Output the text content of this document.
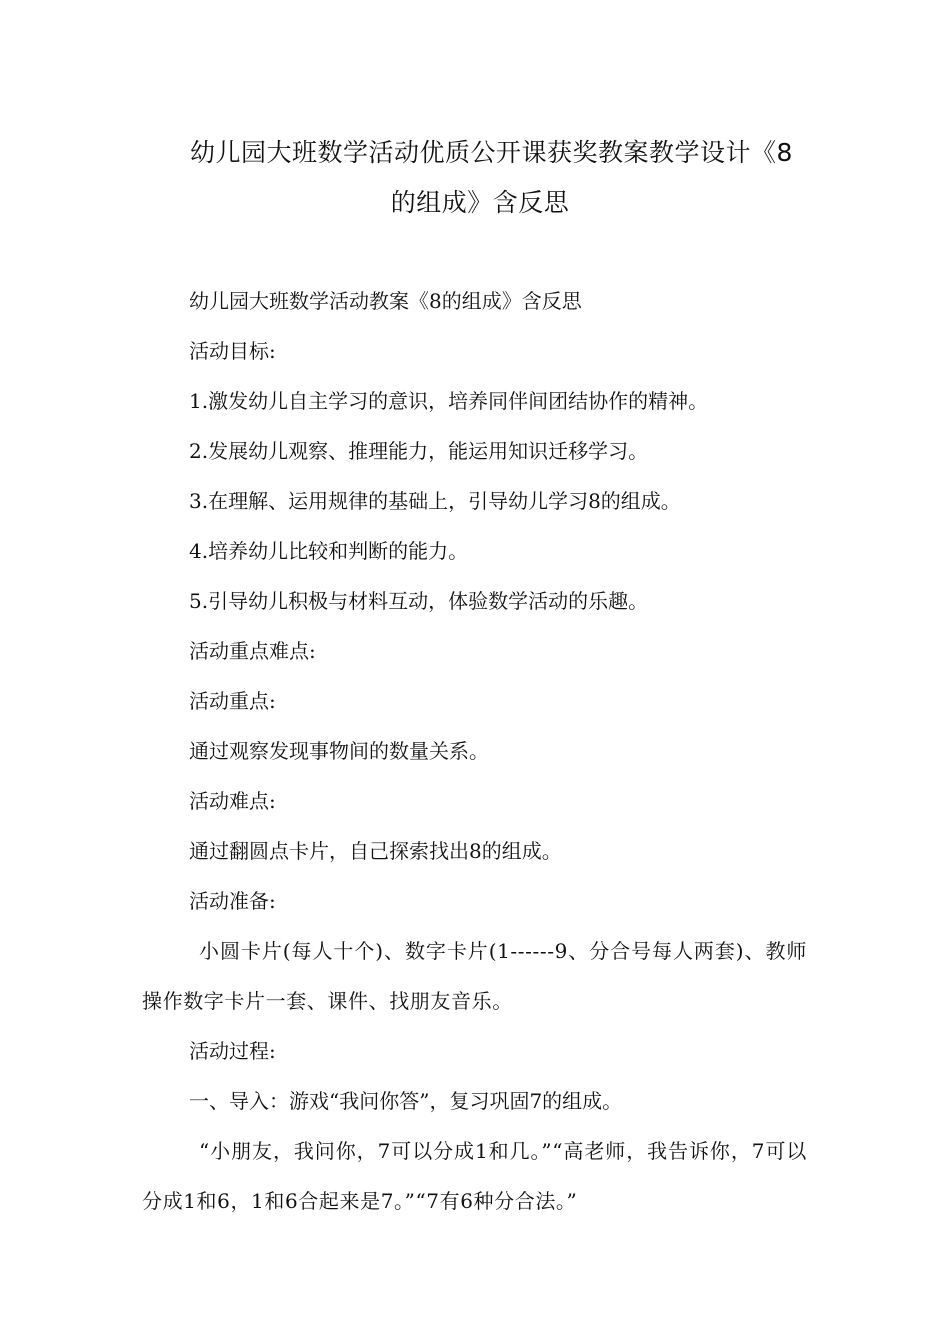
幼儿园大班数学活动优质公开课获奖教案教学设计《8
的组成》含反思
幼儿园大班数学活动教案《8的组成》含反思
活动目标:
1.激发幼儿自主学习的意识，培养同伴间团结协作的精神。
2.发展幼儿观察、推理能力，能运用知识迁移学习。
3.在理解、运用规律的基础上，引导幼儿学习8的组成。
4.培养幼儿比较和判断的能力。
5.引导幼儿积极与材料互动，体验数学活动的乐趣。
活动重点难点:
活动重点:
通过观察发现事物间的数量关系。
活动难点:
通过翻圆点卡片，自己探索找出8的组成。
活动准备:
小圆卡片(每人十个)、数字卡片(1------9、分合号每人两套)、教师操作数字卡片一套、课件、找朋友音乐。
活动过程:
一、导入：游戏“我问你答”，复习巩固7的组成。
“小朋友，我问你，7可以分成1和几。”“高老师，我告诉你，7可以分成1和6，1和6合起来是7。”“7有6种分合法。”
